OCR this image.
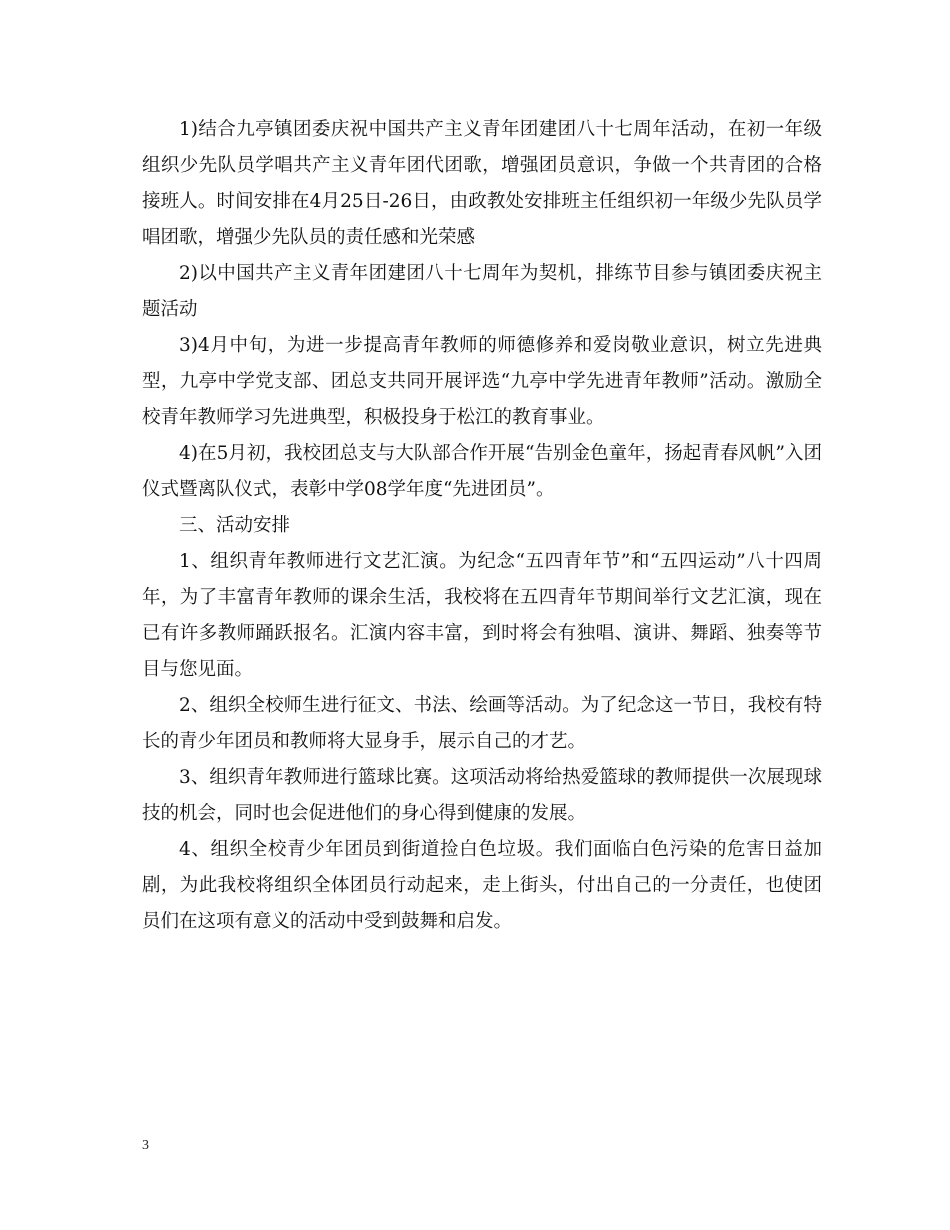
1)结合九亭镇团委庆祝中国共产主义青年团建团八十七周年活动，在初一年级组织少先队员学唱共产主义青年团代团歌，增强团员意识，争做一个共青团的合格接班人。时间安排在4月25日-26日，由政教处安排班主任组织初一年级少先队员学唱团歌，增强少先队员的责任感和光荣感

2)以中国共产主义青年团建团八十七周年为契机，排练节目参与镇团委庆祝主题活动

3)4月中旬，为进一步提高青年教师的师德修养和爱岗敬业意识，树立先进典型，九亭中学党支部、团总支共同开展评选“九亭中学先进青年教师”活动。激励全校青年教师学习先进典型，积极投身于松江的教育事业。

4)在5月初，我校团总支与大队部合作开展“告别金色童年，扬起青春风帆”入团仪式暨离队仪式，表彰中学08学年度“先进团员”。

三、活动安排

1、组织青年教师进行文艺汇演。为纪念“五四青年节”和“五四运动”八十四周年，为了丰富青年教师的课余生活，我校将在五四青年节期间举行文艺汇演，现在已有许多教师踊跃报名。汇演内容丰富，到时将会有独唱、演讲、舞蹈、独奏等节目与您见面。

2、组织全校师生进行征文、书法、绘画等活动。为了纪念这一节日，我校有特长的青少年团员和教师将大显身手，展示自己的才艺。

3、组织青年教师进行篮球比赛。这项活动将给热爱篮球的教师提供一次展现球技的机会，同时也会促进他们的身心得到健康的发展。

4、组织全校青少年团员到街道捡白色垃圾。我们面临白色污染的危害日益加剧，为此我校将组织全体团员行动起来，走上街头，付出自己的一分责任，也使团员们在这项有意义的活动中受到鼓舞和启发。

3
